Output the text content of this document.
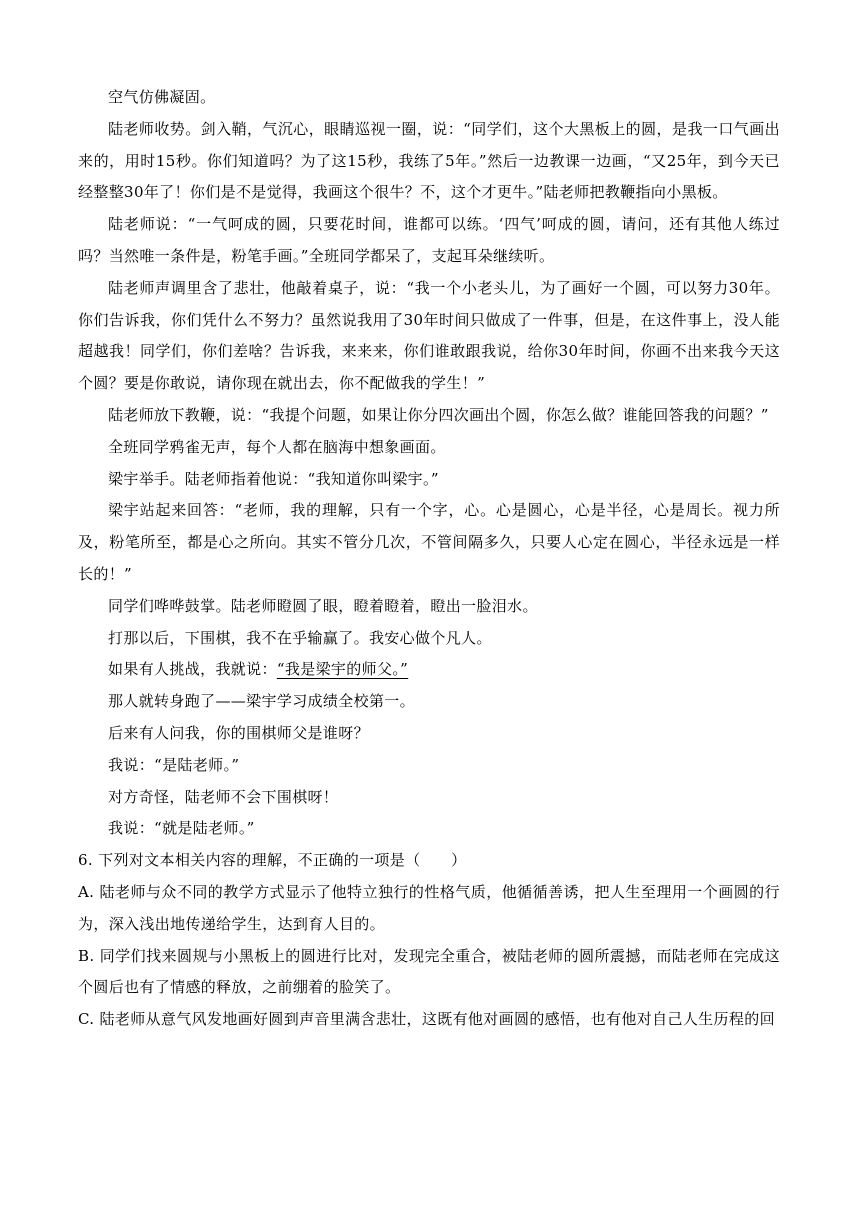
空气仿佛凝固。

陆老师收势。剑入鞘，气沉心，眼睛巡视一圈，说：“同学们，这个大黑板上的圆，是我一口气画出来的，用时15秒。你们知道吗？为了这15秒，我练了5年。”然后一边教课一边画，“又25年，到今天已经整整30年了！你们是不是觉得，我画这个很牛？不，这个才更牛。”陆老师把教鞭指向小黑板。

陆老师说：“一气呵成的圆，只要花时间，谁都可以练。‘四气’呵成的圆，请问，还有其他人练过吗？当然唯一条件是，粉笔手画。”全班同学都呆了，支起耳朵继续听。

陆老师声调里含了悲壮，他敲着桌子，说：“我一个小老头儿，为了画好一个圆，可以努力30年。你们告诉我，你们凭什么不努力？虽然说我用了30年时间只做成了一件事，但是，在这件事上，没人能超越我！同学们，你们差啥？告诉我，来来来，你们谁敢跟我说，给你30年时间，你画不出来我今天这个圆？要是你敢说，请你现在就出去，你不配做我的学生！”

陆老师放下教鞭，说：“我提个问题，如果让你分四次画出个圆，你怎么做？谁能回答我的问题？”

全班同学鸦雀无声，每个人都在脑海中想象画面。

梁宇举手。陆老师指着他说：“我知道你叫梁宇。”

梁宇站起来回答：“老师，我的理解，只有一个字，心。心是圆心，心是半径，心是周长。视力所及，粉笔所至，都是心之所向。其实不管分几次，不管间隔多久，只要人心定在圆心，半径永远是一样长的！”

同学们哗哗鼓掌。陆老师瞪圆了眼，瞪着瞪着，瞪出一脸泪水。

打那以后，下围棋，我不在乎输赢了。我安心做个凡人。

如果有人挑战，我就说：“我是梁宇的师父。”

那人就转身跑了——梁宇学习成绩全校第一。

后来有人问我，你的围棋师父是谁呀？

我说：“是陆老师。”

对方奇怪，陆老师不会下围棋呀！

我说：“就是陆老师。”

6. 下列对文本相关内容的理解，不正确的一项是（　　）

A. 陆老师与众不同的教学方式显示了他特立独行的性格气质，他循循善诱，把人生至理用一个画圆的行为，深入浅出地传递给学生，达到育人目的。

B. 同学们找来圆规与小黑板上的圆进行比对，发现完全重合，被陆老师的圆所震撼，而陆老师在完成这个圆后也有了情感的释放，之前绷着的脸笑了。

C. 陆老师从意气风发地画好圆到声音里满含悲壮，这既有他对画圆的感悟，也有他对自己人生历程的回
